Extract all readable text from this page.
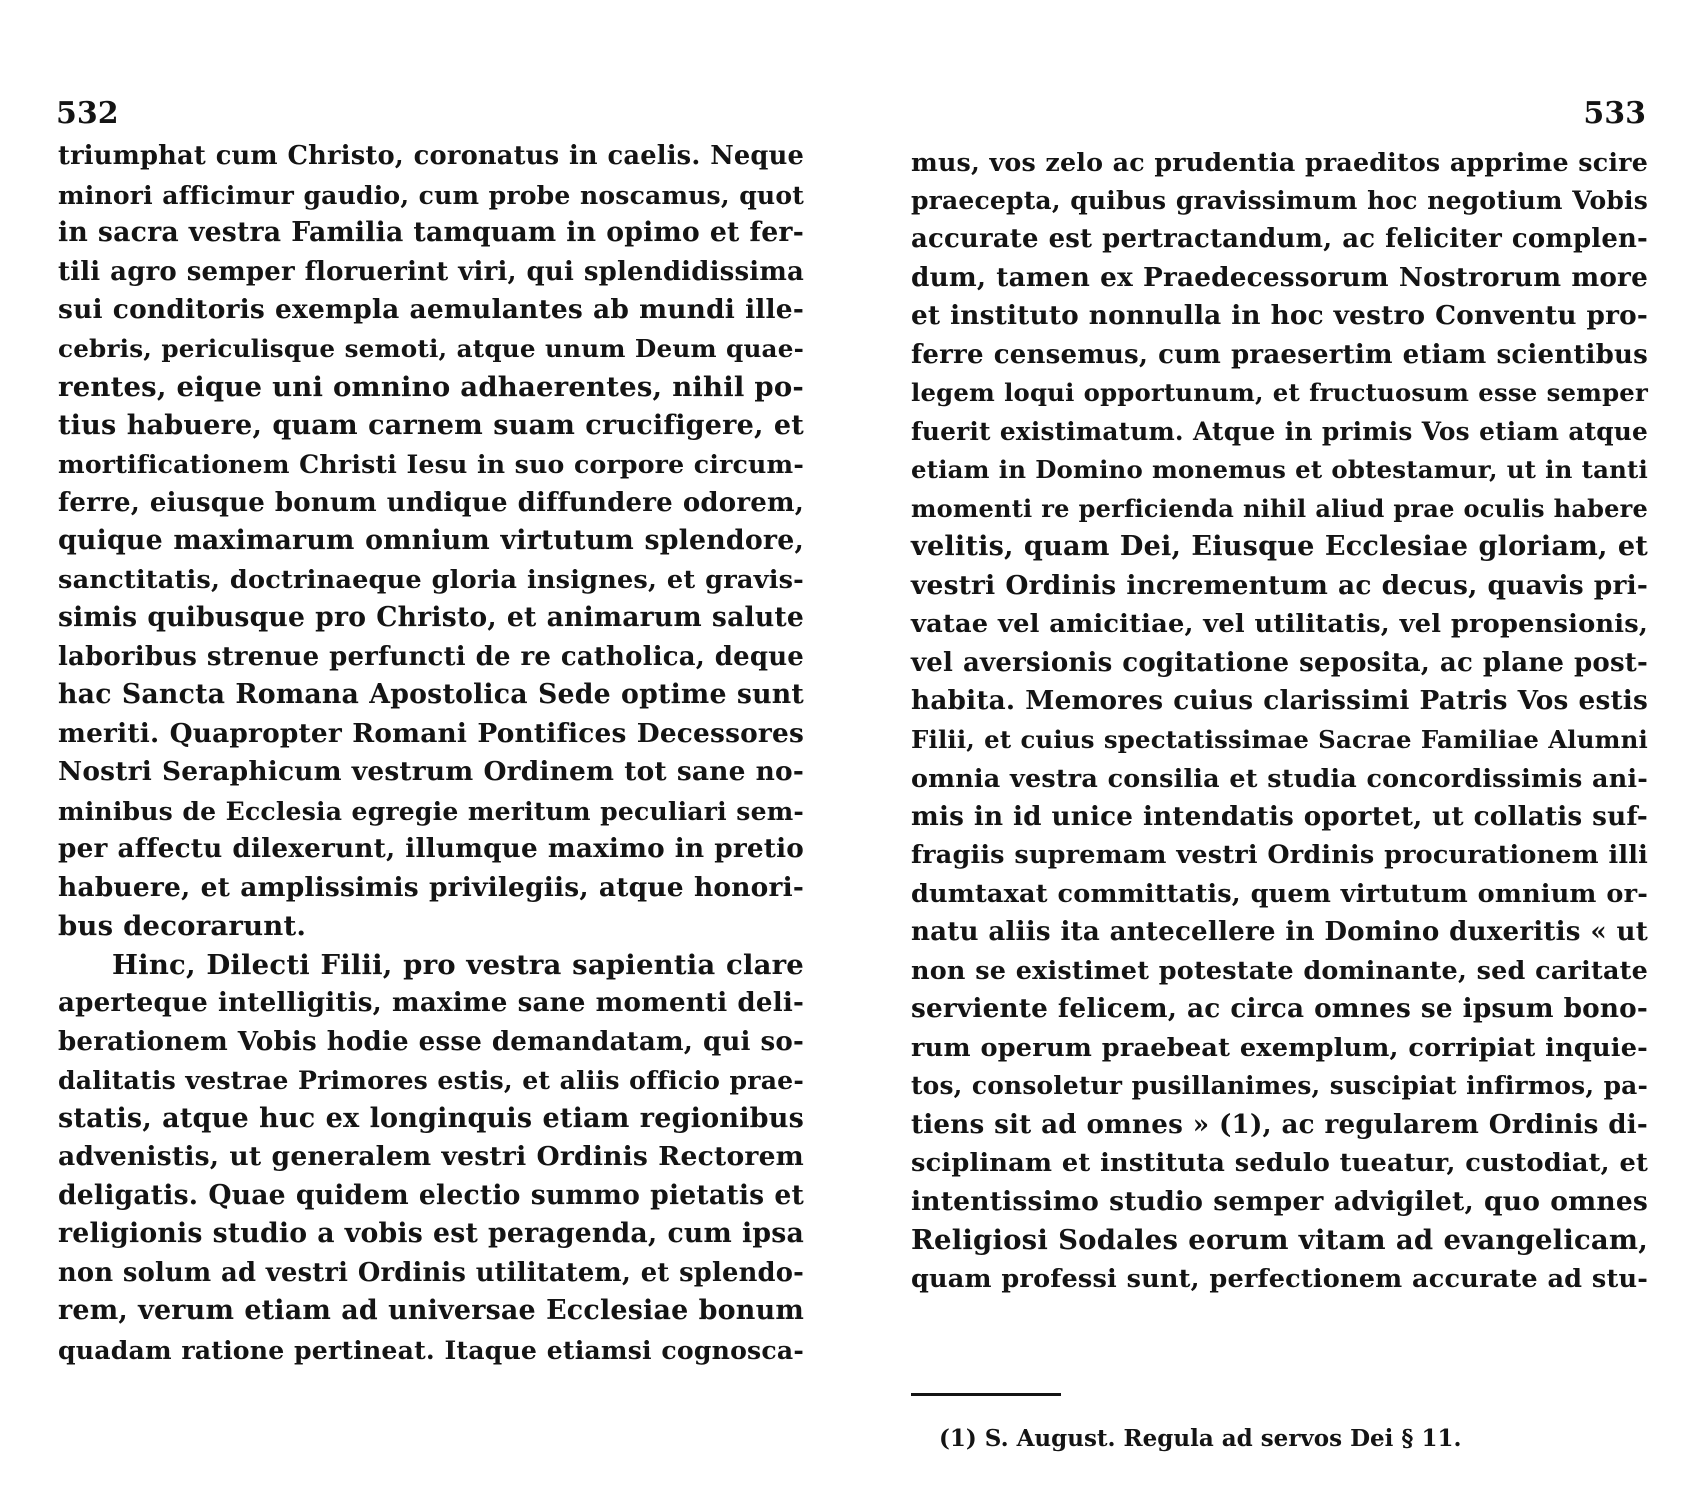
532
triumphat cum Christo, coronatus in caelis. Neque
minori afficimur gaudio, cum probe noscamus, quot
in sacra vestra Familia tamquam in opimo et fer-
tili agro semper floruerint viri, qui splendidissima
sui conditoris exempla aemulantes ab mundi ille-
cebris, periculisque semoti, atque unum Deum quae-
rentes, eique uni omnino adhaerentes, nihil po-
tius habuere, quam carnem suam crucifigere, et
mortificationem Christi Iesu in suo corpore circum-
ferre, eiusque bonum undique diffundere odorem,
quique maximarum omnium virtutum splendore,
sanctitatis, doctrinaeque gloria insignes, et gravis-
simis quibusque pro Christo, et animarum salute
laboribus strenue perfuncti de re catholica, deque
hac Sancta Romana Apostolica Sede optime sunt
meriti. Quapropter Romani Pontifices Decessores
Nostri Seraphicum vestrum Ordinem tot sane no-
minibus de Ecclesia egregie meritum peculiari sem-
per affectu dilexerunt, illumque maximo in pretio
habuere, et amplissimis privilegiis, atque honori-
bus decorarunt.
Hinc, Dilecti Filii, pro vestra sapientia clare
aperteque intelligitis, maxime sane momenti deli-
berationem Vobis hodie esse demandatam, qui so-
dalitatis vestrae Primores estis, et aliis officio prae-
statis, atque huc ex longinquis etiam regionibus
advenistis, ut generalem vestri Ordinis Rectorem
deligatis. Quae quidem electio summo pietatis et
religionis studio a vobis est peragenda, cum ipsa
non solum ad vestri Ordinis utilitatem, et splendo-
rem, verum etiam ad universae Ecclesiae bonum
quadam ratione pertineat. Itaque etiamsi cognosca-
533
mus, vos zelo ac prudentia praeditos apprime scire
praecepta, quibus gravissimum hoc negotium Vobis
accurate est pertractandum, ac feliciter complen-
dum, tamen ex Praedecessorum Nostrorum more
et instituto nonnulla in hoc vestro Conventu pro-
ferre censemus, cum praesertim etiam scientibus
legem loqui opportunum, et fructuosum esse semper
fuerit existimatum. Atque in primis Vos etiam atque
etiam in Domino monemus et obtestamur, ut in tanti
momenti re perficienda nihil aliud prae oculis habere
velitis, quam Dei, Eiusque Ecclesiae gloriam, et
vestri Ordinis incrementum ac decus, quavis pri-
vatae vel amicitiae, vel utilitatis, vel propensionis,
vel aversionis cogitatione seposita, ac plane post-
habita. Memores cuius clarissimi Patris Vos estis
Filii, et cuius spectatissimae Sacrae Familiae Alumni
omnia vestra consilia et studia concordissimis ani-
mis in id unice intendatis oportet, ut collatis suf-
fragiis supremam vestri Ordinis procurationem illi
dumtaxat committatis, quem virtutum omnium or-
natu aliis ita antecellere in Domino duxeritis « ut
non se existimet potestate dominante, sed caritate
serviente felicem, ac circa omnes se ipsum bono-
rum operum praebeat exemplum, corripiat inquie-
tos, consoletur pusillanimes, suscipiat infirmos, pa-
tiens sit ad omnes » (1), ac regularem Ordinis di-
sciplinam et instituta sedulo tueatur, custodiat, et
intentissimo studio semper advigilet, quo omnes
Religiosi Sodales eorum vitam ad evangelicam,
quam professi sunt, perfectionem accurate ad stu-
(1) S. August. Regula ad servos Dei § 11.
